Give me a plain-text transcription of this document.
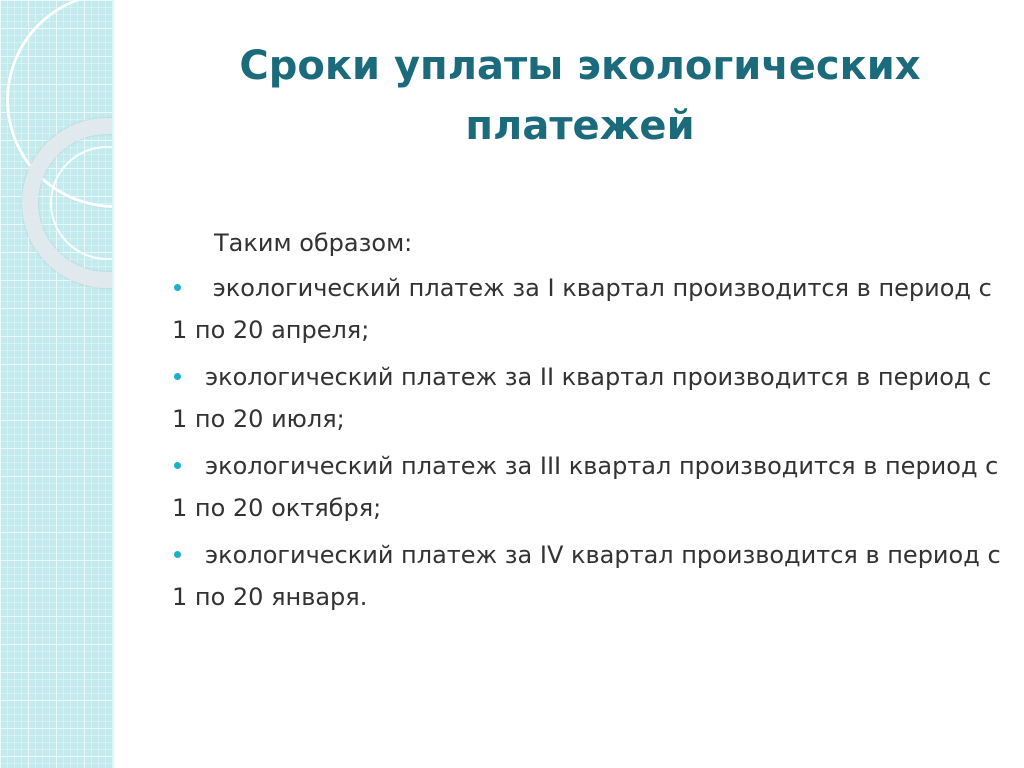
Сроки уплаты экологических платежей
Таким образом:
экологический платеж за I квартал производится в период с 1 по 20 апреля;
экологический платеж за II квартал производится в период с 1 по 20 июля;
экологический платеж за III квартал производится в период с 1 по 20 октября;
экологический платеж за IV квартал производится в период с 1 по 20 января.
